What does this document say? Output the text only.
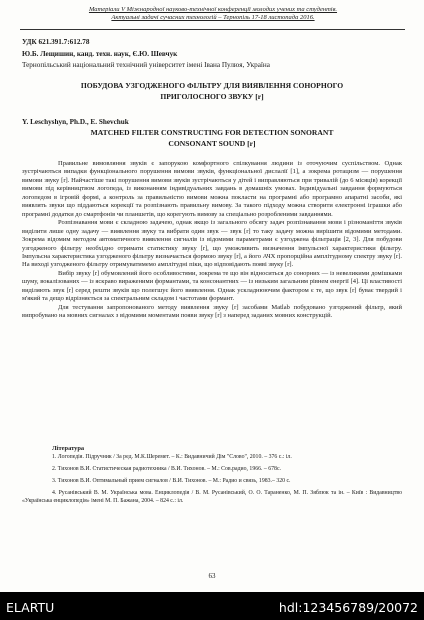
Матеріали V Міжнародної науково-технічної конференції молодих учених та студентів.
Актуальні задачі сучасних технологій – Тернопіль 17-18 листопада 2016.
УДК 621.391.7:612.78
Ю.Б. Лещишин, канд. техн. наук, Є.Ю. Шевчук
Тернопільський національний технічний університет імені Івана Пулюя, Україна
ПОБУДОВА УЗГОДЖЕНОГО ФІЛЬТРУ ДЛЯ ВИЯВЛЕННЯ СОНОРНОГО
ПРИГОЛОСНОГО ЗВУКУ [r]
Y. Leschyshyn, Ph.D., E. Shevchuk
MATCHED FILTER CONSTRUCTING FOR DETECTION SONORANT
CONSONANT SOUND [r]

Правильне вимовляння звуків є запорукою комфортного спілкування людини із оточуючим суспільством. Однак зустрічаються випадки функціонального порушення вимови звуків, функціональної дислалії [1], а зокрема ротацизм — порушення вимови звуку [r]. Найчастіше такі порушення вимови звуків зустрічаються у дітей і виправляються при тривалій (до 6 місяців) корекції вимови під керівництвом логопеда, із виконанням індивідуальних завдань в домашніх умовах. Індивідуальні завдання формуються логопедом в ігровій формі, а контроль за правильністю вимови можна покласти на програмні або програмно апаратні засоби, які виявлять звуки що піддаються корекції та розпізнають правильну вимову. За такого підходу можна створити електронні іграшки або програмні додатки до смартфонів чи планшетів, що корегують вимову за спеціально розробленими завданнями.

Розпізнавання мови є складною задачею, однак якщо із загального обсягу задач розпізнавання мови і різноманіття звуків виділити лише одну задачу — виявлення звуку та вибрати один звук — звук [r] то таку задачу можна вирішити відомими методами. Зокрема відомим методом автоматичного виявлення сигналів із відомими параметрами є узгоджена фільтрація [2, 3]. Для побудови узгодженого фільтру необхідно отримати статистику звуку [r], що уможливить визначення імпульсної характеристики фільтру. Імпульсна характеристика узгодженого фільтру визначається формою звуку [r], а його АЧХ пропорційна амплітудному спектру звуку [r]. На виході узгодженого фільтру отримуватимемо амплітудні піки, що відповідають появі звуку [r].

Вибір звуку [r] обумовлений його особливостями, зокрема те що він відноситься до сонорних — із невеликими домішками шуму, вокалізованих — із яскраво вираженими формантами, та консонантних — із низьким загальним рівнем енергії [4]. Ці властивості виділяють звук [r] серед решти звуків що полегшує його виявлення. Однак ускладнюючим фактором є те, що звук [r] буває твердий і м'який та дещо відрізняється за спектральним складом і частотами формант.

Для тестування запропонованого методу виявлення звуку [r] засобами Matlab побудовано узгоджений фільтр, який випробувано на мовних сигналах з відомими моментами появи звуку [r] з наперед заданих мовних конструкцій.

Література

1. Логопедія. Підручник / За ред. М.К.Шеремет. – К.: Видавничий Дім "Слово", 2010. – 376 с.: іл.

2. Тихонов В.И. Статистическая радиотехника / В.И. Тихонов. – М.: Сов.радио, 1966. – 678с.

3. Тихонов В.И. Оптимальный прием сигналов / В.И. Тихонов. – М.: Радио и связь, 1983.– 320 с.

4. Русанівський В. М. Українська мова. Енциклопедія / В. М. Русанівський, О. О. Тараненко, М. П. Зяблюк та ін. – Київ : Видавництво «Українська енциклопедія» імені М. П. Бажана, 2004. – 824 с.: іл.

63
ELARTU	hdl:123456789/20072
